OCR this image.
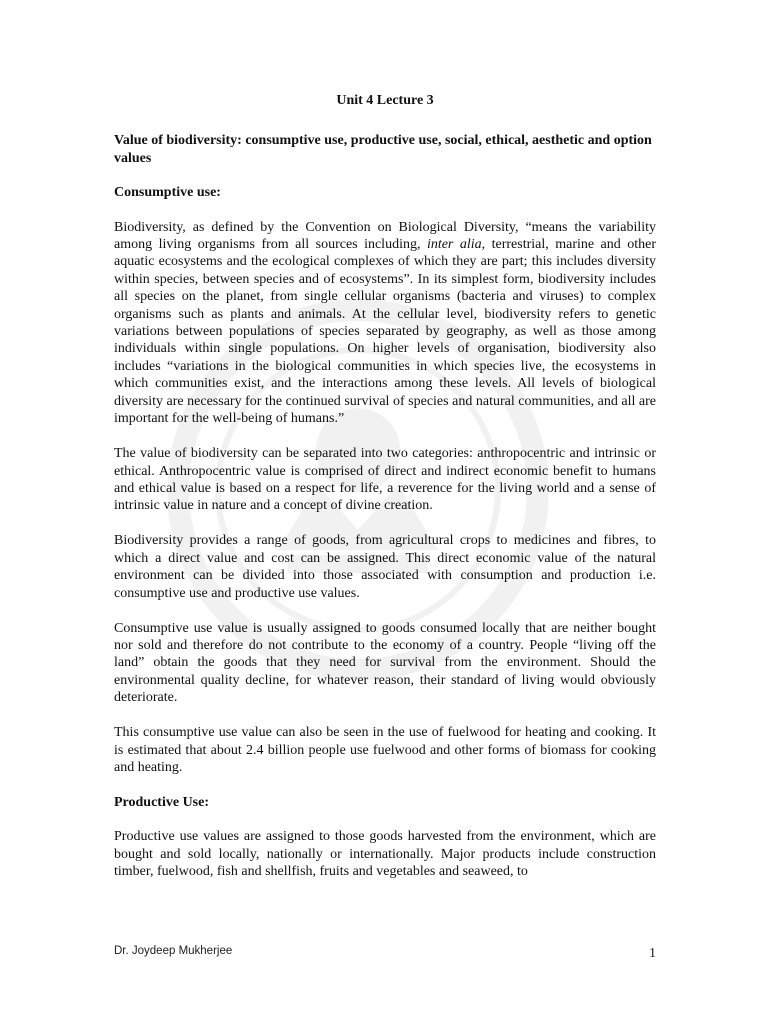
Unit 4 Lecture 3
Value of biodiversity: consumptive use, productive use, social, ethical, aesthetic and option values
Consumptive use:

Biodiversity, as defined by the Convention on Biological Diversity, “means the variability among living organisms from all sources including, inter alia, terrestrial, marine and other aquatic ecosystems and the ecological complexes of which they are part; this includes diversity within species, between species and of ecosystems”. In its simplest form, biodiversity includes all species on the planet, from single cellular organisms (bacteria and viruses) to complex organisms such as plants and animals. At the cellular level, biodiversity refers to genetic variations between populations of species separated by geography, as well as those among individuals within single populations. On higher levels of organisation, biodiversity also includes “variations in the biological communities in which species live, the ecosystems in which communities exist, and the interactions among these levels. All levels of biological diversity are necessary for the continued survival of species and natural communities, and all are important for the well-being of humans.”

The value of biodiversity can be separated into two categories: anthropocentric and intrinsic or ethical. Anthropocentric value is comprised of direct and indirect economic benefit to humans and ethical value is based on a respect for life, a reverence for the living world and a sense of intrinsic value in nature and a concept of divine creation.

Biodiversity provides a range of goods, from agricultural crops to medicines and fibres, to which a direct value and cost can be assigned. This direct economic value of the natural environment can be divided into those associated with consumption and production i.e. consumptive use and productive use values.

Consumptive use value is usually assigned to goods consumed locally that are neither bought nor sold and therefore do not contribute to the economy of a country. People “living off the land” obtain the goods that they need for survival from the environment. Should the environmental quality decline, for whatever reason, their standard of living would obviously deteriorate.

This consumptive use value can also be seen in the use of fuelwood for heating and cooking. It is estimated that about 2.4 billion people use fuelwood and other forms of biomass for cooking and heating.

Productive Use:

Productive use values are assigned to those goods harvested from the environment, which are bought and sold locally, nationally or internationally. Major products include construction timber, fuelwood, fish and shellfish, fruits and vegetables and seaweed, to

Dr. Joydeep Mukherjee	1
